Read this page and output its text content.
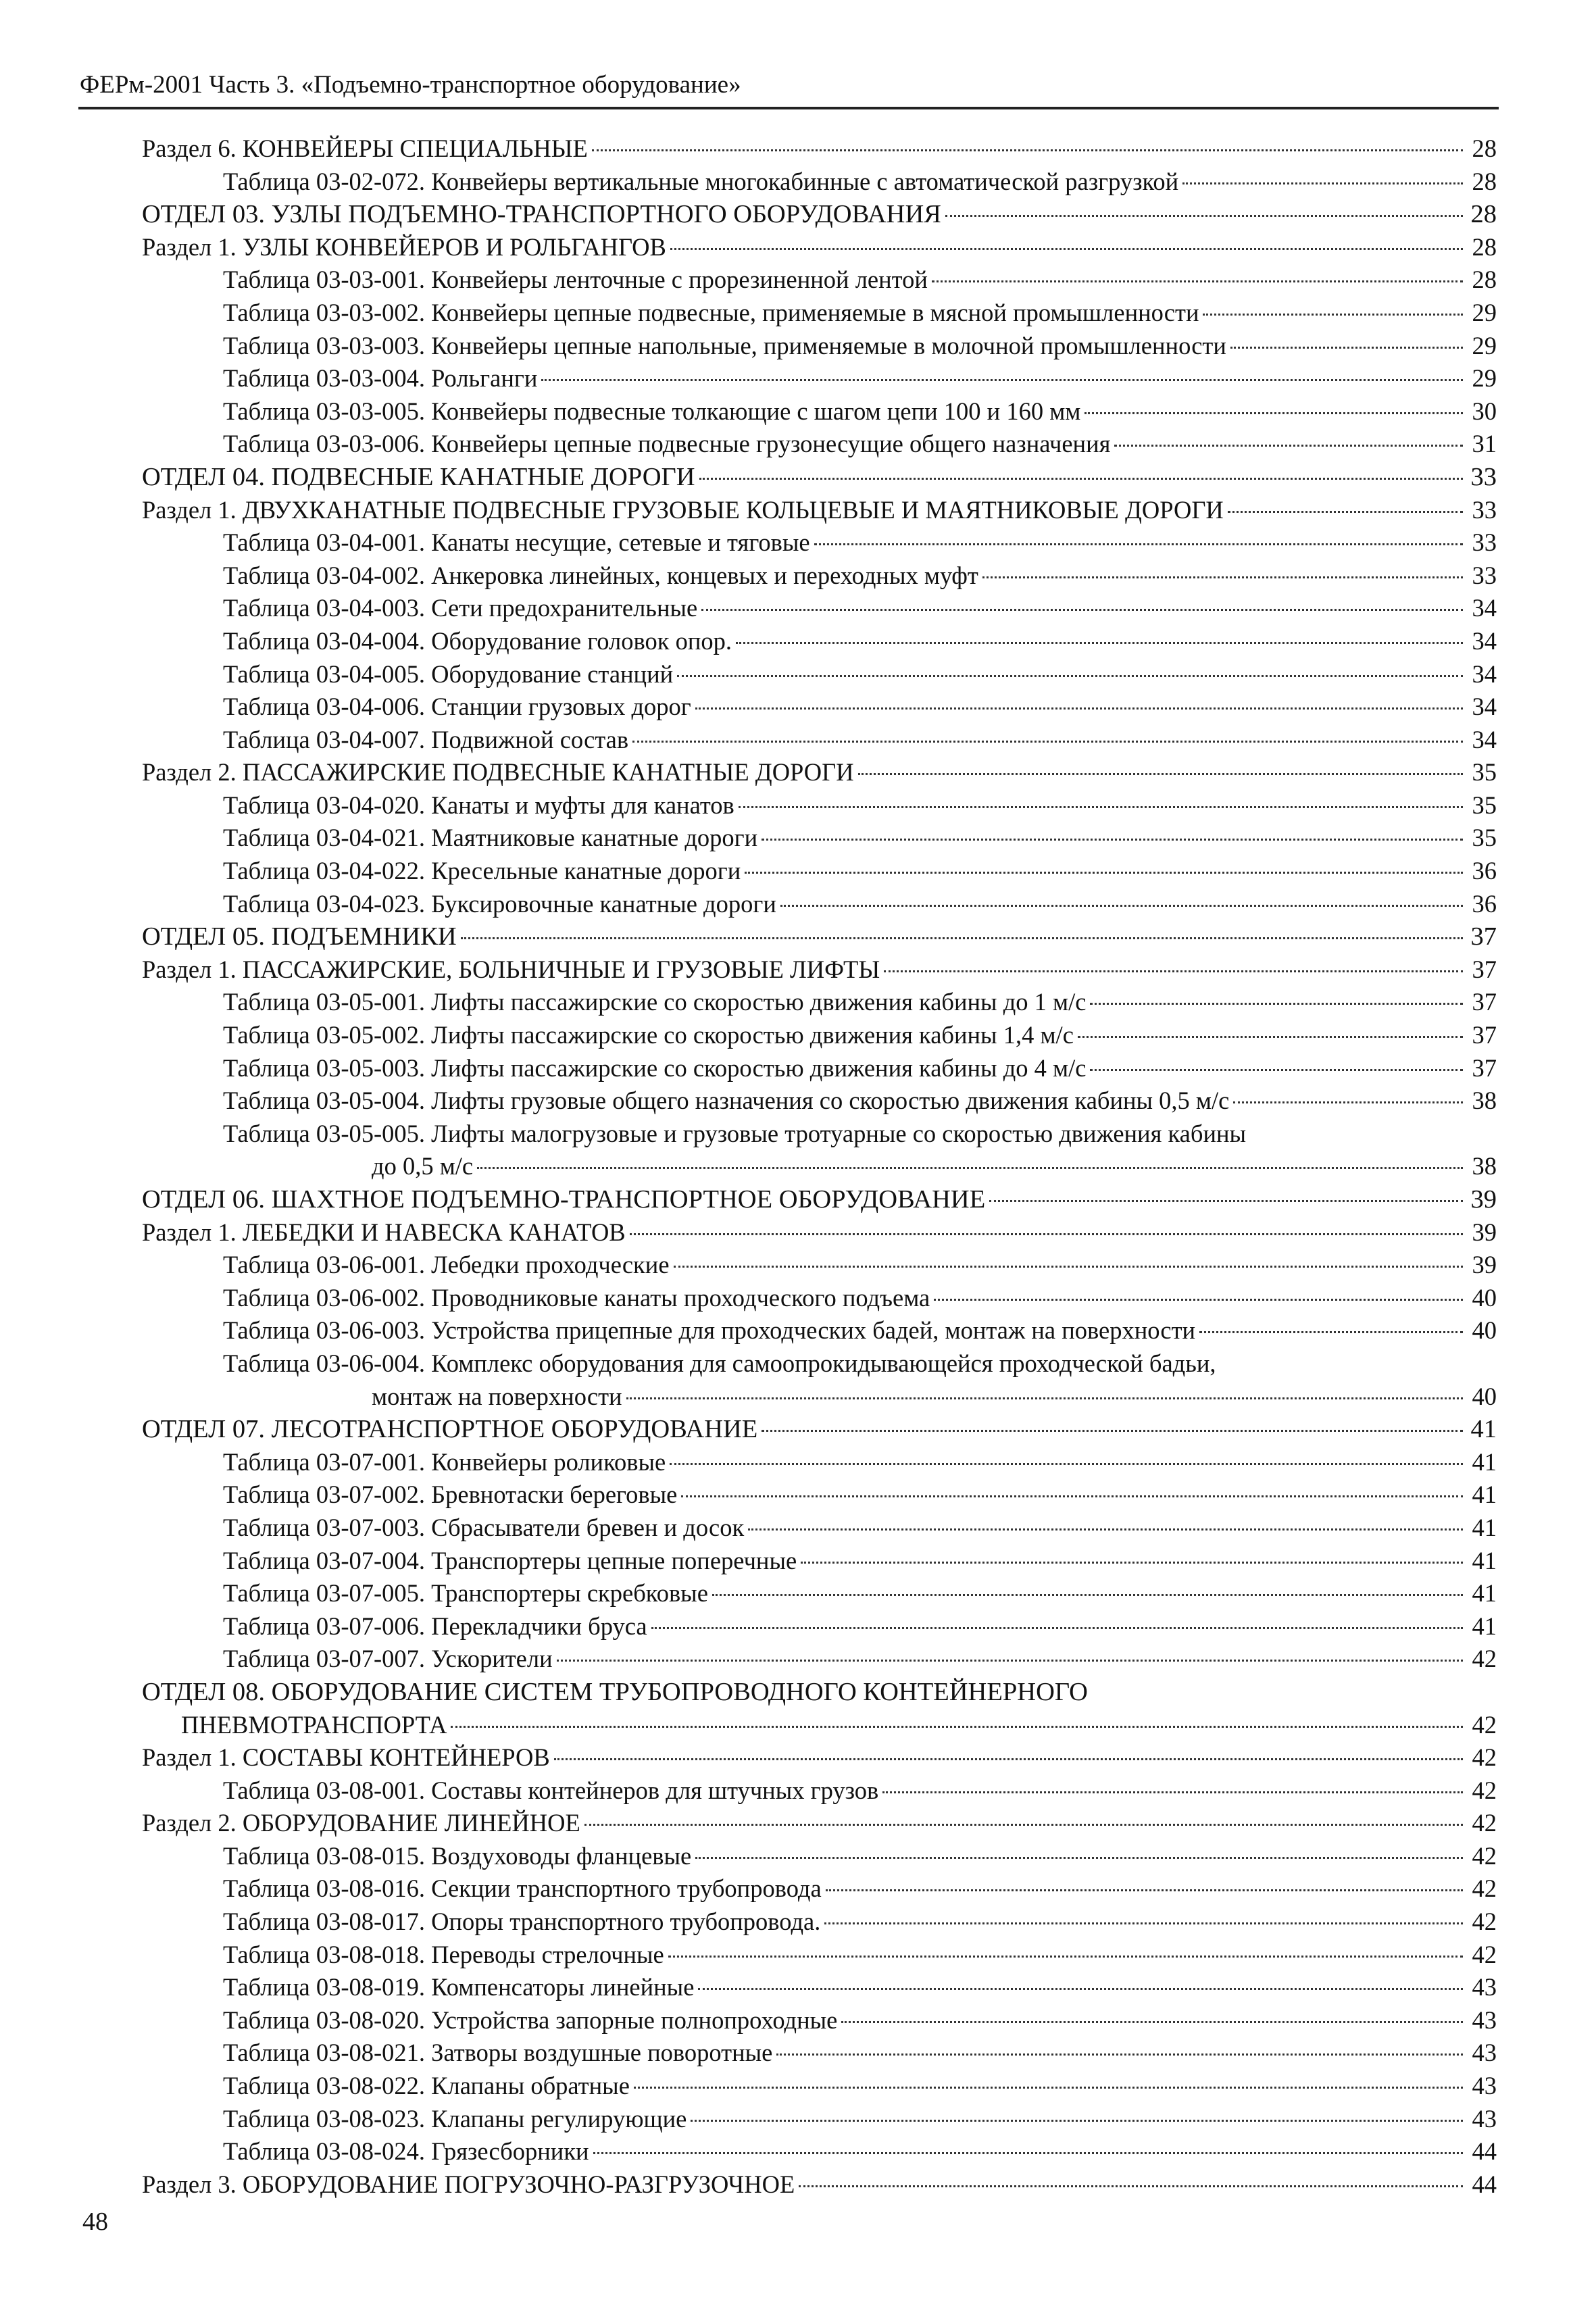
ФЕРм-2001 Часть 3. «Подъемно-транспортное оборудование»
Раздел 6. КОНВЕЙЕРЫ СПЕЦИАЛЬНЫЕ	28
Таблица 03-02-072. Конвейеры вертикальные многокабинные с автоматической разгрузкой	28
ОТДЕЛ 03. УЗЛЫ ПОДЪЕМНО-ТРАНСПОРТНОГО ОБОРУДОВАНИЯ	28
Раздел 1. УЗЛЫ КОНВЕЙЕРОВ И РОЛЬГАНГОВ	28
Таблица 03-03-001. Конвейеры ленточные с прорезиненной лентой	28
Таблица 03-03-002. Конвейеры цепные подвесные, применяемые в мясной промышленности	29
Таблица 03-03-003. Конвейеры цепные напольные, применяемые в молочной промышленности	29
Таблица 03-03-004. Рольганги	29
Таблица 03-03-005. Конвейеры подвесные толкающие с шагом цепи 100 и 160 мм	30
Таблица 03-03-006. Конвейеры цепные подвесные грузонесущие общего назначения	31
ОТДЕЛ 04. ПОДВЕСНЫЕ КАНАТНЫЕ ДОРОГИ	33
Раздел 1. ДВУХКАНАТНЫЕ ПОДВЕСНЫЕ ГРУЗОВЫЕ КОЛЬЦЕВЫЕ И МАЯТНИКОВЫЕ ДОРОГИ	33
Таблица 03-04-001. Канаты несущие, сетевые и тяговые	33
Таблица 03-04-002. Анкеровка линейных, концевых и переходных муфт	33
Таблица 03-04-003. Сети предохранительные	34
Таблица 03-04-004. Оборудование головок опор.	34
Таблица 03-04-005. Оборудование станций	34
Таблица 03-04-006. Станции грузовых дорог	34
Таблица 03-04-007. Подвижной состав	34
Раздел 2. ПАССАЖИРСКИЕ ПОДВЕСНЫЕ КАНАТНЫЕ ДОРОГИ	35
Таблица 03-04-020. Канаты и муфты для канатов	35
Таблица 03-04-021. Маятниковые канатные дороги	35
Таблица 03-04-022. Кресельные канатные дороги	36
Таблица 03-04-023. Буксировочные канатные дороги	36
ОТДЕЛ 05. ПОДЪЕМНИКИ	37
Раздел 1. ПАССАЖИРСКИЕ, БОЛЬНИЧНЫЕ И ГРУЗОВЫЕ ЛИФТЫ	37
Таблица 03-05-001. Лифты пассажирские со скоростью движения кабины до 1 м/с	37
Таблица 03-05-002. Лифты пассажирские со скоростью движения кабины 1,4 м/с	37
Таблица 03-05-003. Лифты пассажирские со скоростью движения кабины до 4 м/с	37
Таблица 03-05-004. Лифты грузовые общего назначения со скоростью движения кабины 0,5 м/с	38
Таблица 03-05-005. Лифты малогрузовые и грузовые тротуарные со скоростью движения кабины
до 0,5 м/с	38
ОТДЕЛ 06. ШАХТНОЕ ПОДЪЕМНО-ТРАНСПОРТНОЕ ОБОРУДОВАНИЕ	39
Раздел 1. ЛЕБЕДКИ И НАВЕСКА КАНАТОВ	39
Таблица 03-06-001. Лебедки проходческие	39
Таблица 03-06-002. Проводниковые канаты проходческого подъема	40
Таблица 03-06-003. Устройства прицепные для проходческих бадей, монтаж на поверхности	40
Таблица 03-06-004. Комплекс оборудования для самоопрокидывающейся проходческой бадьи,
монтаж на поверхности	40
ОТДЕЛ 07. ЛЕСОТРАНСПОРТНОЕ ОБОРУДОВАНИЕ	41
Таблица 03-07-001. Конвейеры роликовые	41
Таблица 03-07-002. Бревнотаски береговые	41
Таблица 03-07-003. Сбрасыватели бревен и досок	41
Таблица 03-07-004. Транспортеры цепные поперечные	41
Таблица 03-07-005. Транспортеры скребковые	41
Таблица 03-07-006. Перекладчики бруса	41
Таблица 03-07-007. Ускорители	42
ОТДЕЛ 08. ОБОРУДОВАНИЕ СИСТЕМ ТРУБОПРОВОДНОГО КОНТЕЙНЕРНОГО
ПНЕВМОТРАНСПОРТА	42
Раздел 1. СОСТАВЫ КОНТЕЙНЕРОВ	42
Таблица 03-08-001. Составы контейнеров для штучных грузов	42
Раздел 2. ОБОРУДОВАНИЕ ЛИНЕЙНОЕ	42
Таблица 03-08-015. Воздуховоды фланцевые	42
Таблица 03-08-016. Секции транспортного трубопровода	42
Таблица 03-08-017. Опоры транспортного трубопровода.	42
Таблица 03-08-018. Переводы стрелочные	42
Таблица 03-08-019. Компенсаторы линейные	43
Таблица 03-08-020. Устройства запорные полнопроходные	43
Таблица 03-08-021. Затворы воздушные поворотные	43
Таблица 03-08-022. Клапаны обратные	43
Таблица 03-08-023. Клапаны регулирующие	43
Таблица 03-08-024. Грязесборники	44
Раздел 3. ОБОРУДОВАНИЕ ПОГРУЗОЧНО-РАЗГРУЗОЧНОЕ	44
48
